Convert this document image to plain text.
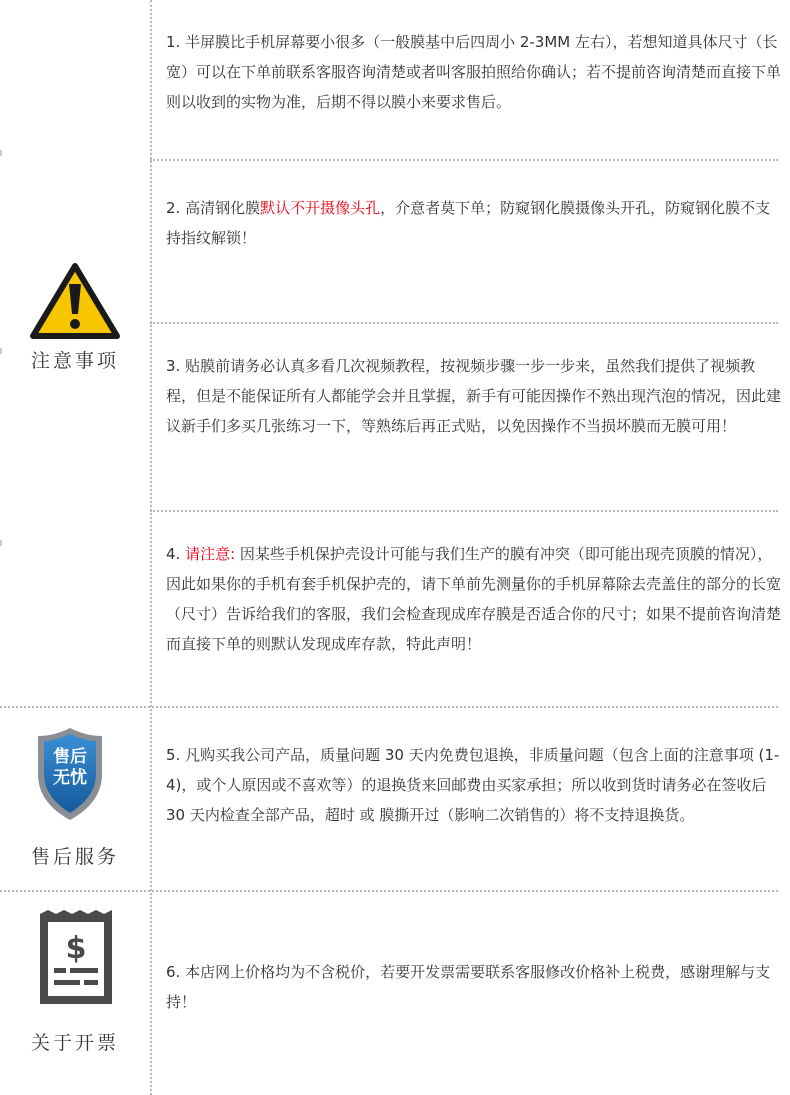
注意事项
售后
无忧
售后服务
$
关于开票

1. 半屏膜比手机屏幕要小很多（一般膜基中后四周小 2-3MM 左右），若想知道具体尺寸（长宽）可以在下单前联系客服咨询清楚或者叫客服拍照给你确认；若不提前咨询清楚而直接下单则以收到的实物为准，后期不得以膜小来要求售后。

2. 高清钢化膜默认不开摄像头孔，介意者莫下单；防窥钢化膜摄像头开孔，防窥钢化膜不支持指纹解锁！

3. 贴膜前请务必认真多看几次视频教程，按视频步骤一步一步来，虽然我们提供了视频教程，但是不能保证所有人都能学会并且掌握，新手有可能因操作不熟出现汽泡的情况，因此建议新手们多买几张练习一下，等熟练后再正式贴，以免因操作不当损坏膜而无膜可用！

4. 请注意: 因某些手机保护壳设计可能与我们生产的膜有冲突（即可能出现壳顶膜的情况），因此如果你的手机有套手机保护壳的，请下单前先测量你的手机屏幕除去壳盖住的部分的长宽（尺寸）告诉给我们的客服，我们会检查现成库存膜是否适合你的尺寸；如果不提前咨询清楚而直接下单的则默认发现成库存款，特此声明！

5. 凡购买我公司产品，质量问题 30 天内免费包退换，非质量问题（包含上面的注意事项 (1-4)，或个人原因或不喜欢等）的退换货来回邮费由买家承担；所以收到货时请务必在签收后 30 天内检查全部产品，超时 或 膜撕开过（影响二次销售的）将不支持退换货。

6. 本店网上价格均为不含税价，若要开发票需要联系客服修改价格补上税费，感谢理解与支持！
